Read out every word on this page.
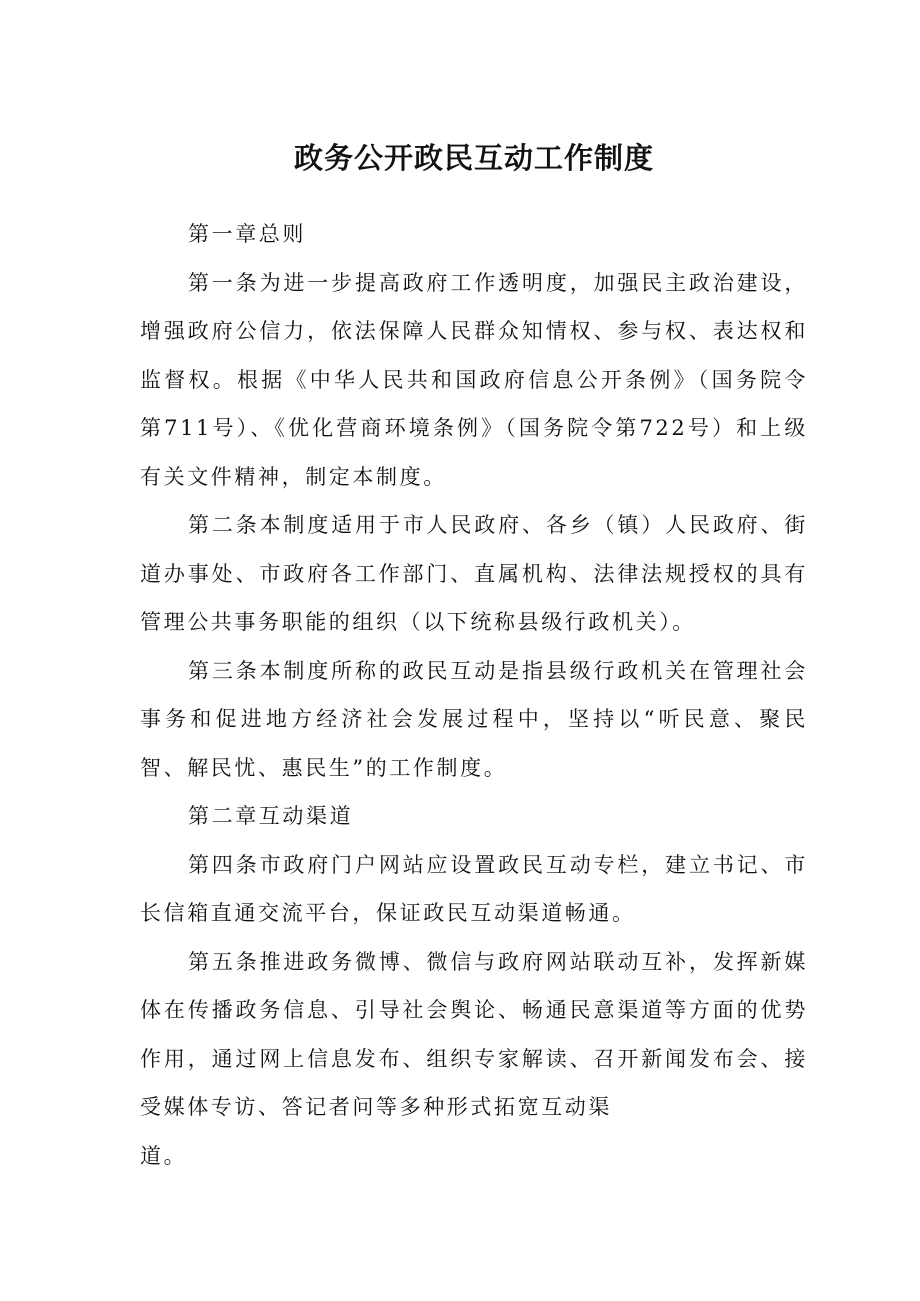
政务公开政民互动工作制度

第一章总则

第一条为进一步提高政府工作透明度，加强民主政治建设，增强政府公信力，依法保障人民群众知情权、参与权、表达权和监督权。根据《中华人民共和国政府信息公开条例》（国务院令第711号）、《优化营商环境条例》（国务院令第722号）和上级有关文件精神，制定本制度。

第二条本制度适用于市人民政府、各乡（镇）人民政府、街道办事处、市政府各工作部门、直属机构、法律法规授权的具有管理公共事务职能的组织（以下统称县级行政机关）。

第三条本制度所称的政民互动是指县级行政机关在管理社会事务和促进地方经济社会发展过程中，坚持以“听民意、聚民智、解民忧、惠民生”的工作制度。

第二章互动渠道

第四条市政府门户网站应设置政民互动专栏，建立书记、市长信箱直通交流平台，保证政民互动渠道畅通。

第五条推进政务微博、微信与政府网站联动互补，发挥新媒体在传播政务信息、引导社会舆论、畅通民意渠道等方面的优势作用，通过网上信息发布、组织专家解读、召开新闻发布会、接受媒体专访、答记者问等多种形式拓宽互动渠

道。
